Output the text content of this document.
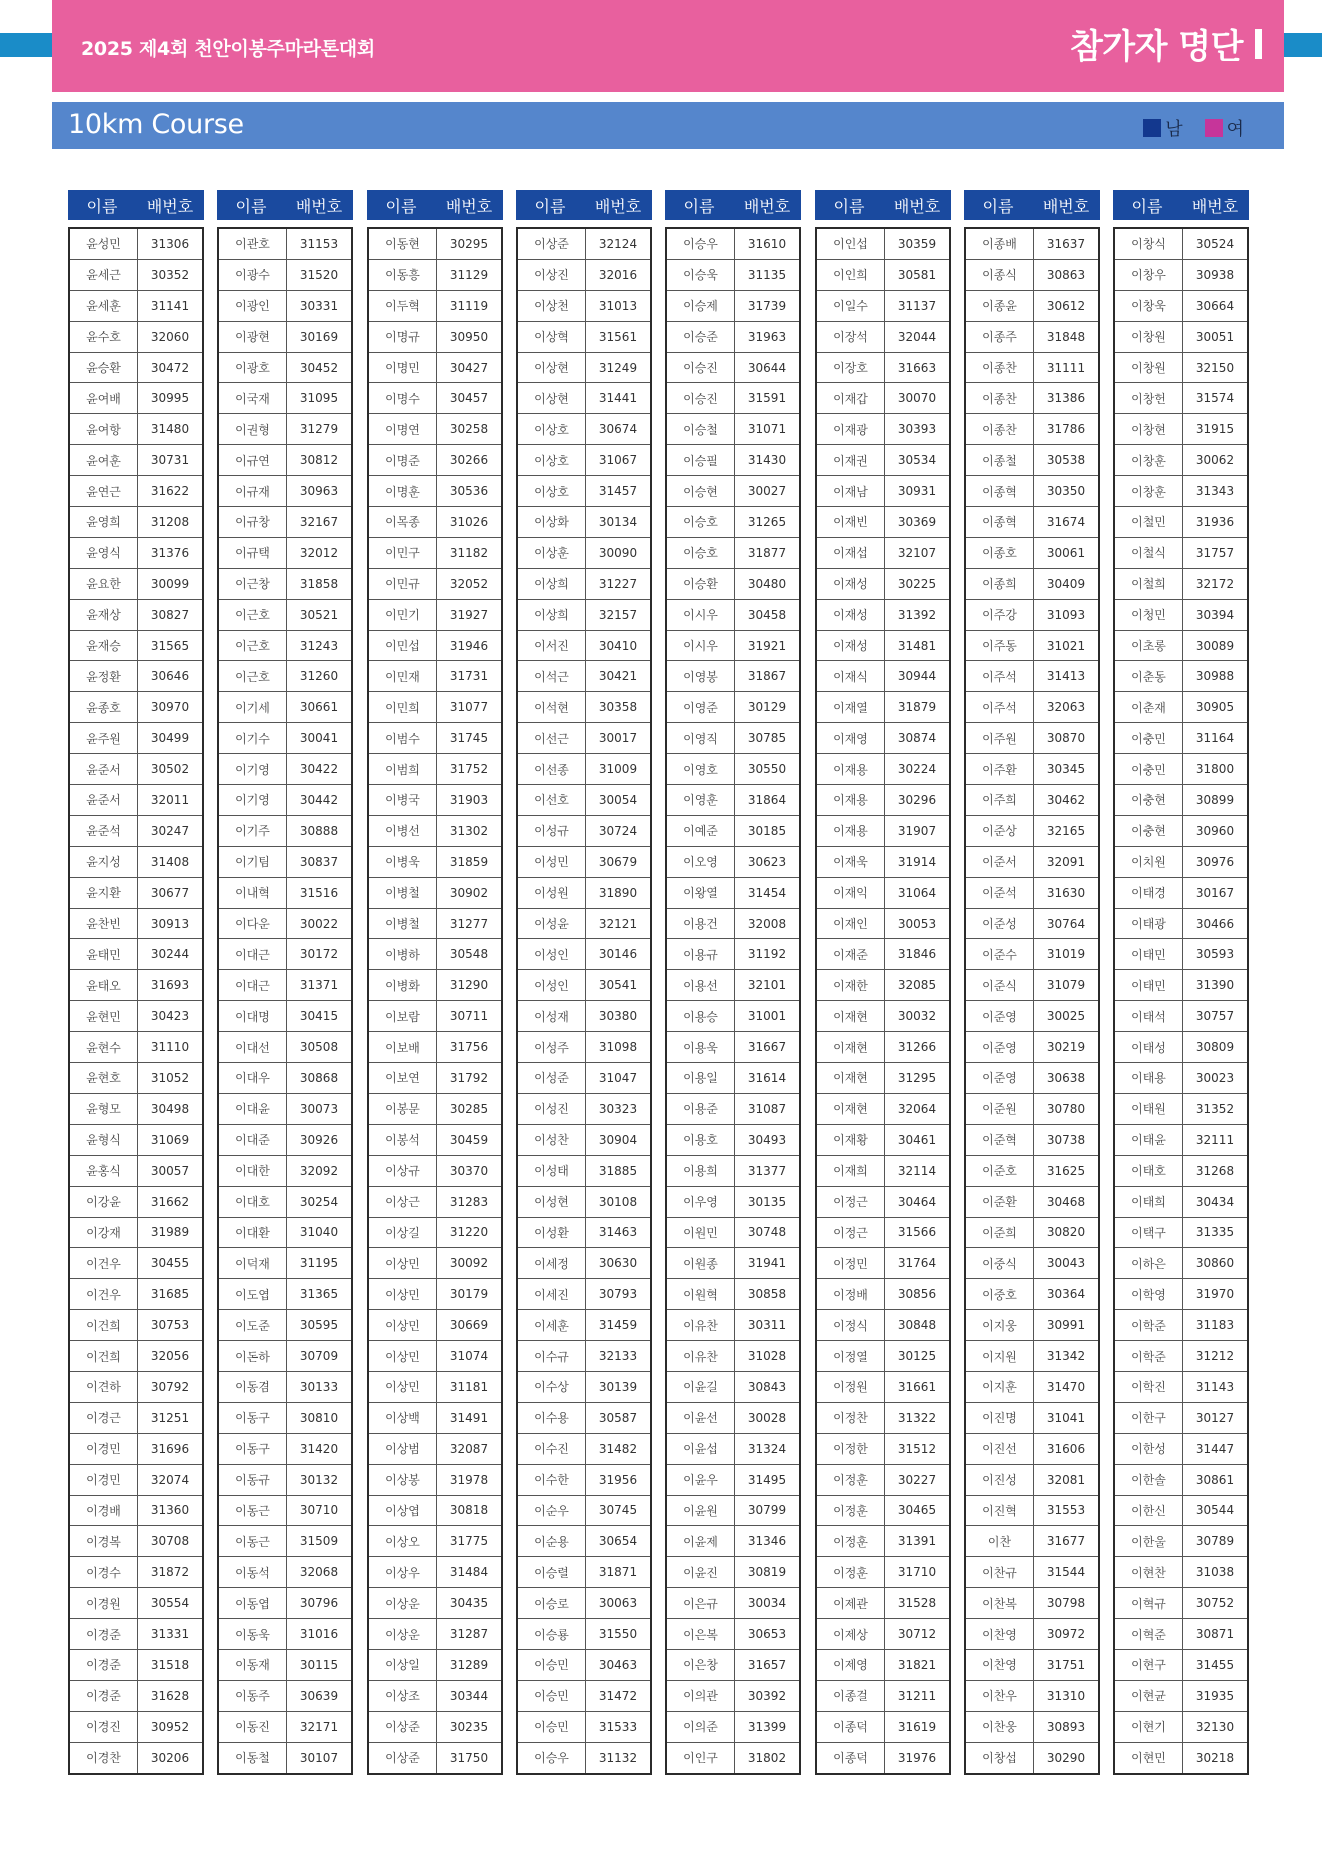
2025 제4회 천안이봉주마라톤대회	참가자 명단
10km Course	남 여
이름	배번호
윤성민	31306
윤세근	30352
윤세훈	31141
윤수호	32060
윤승환	30472
윤여배	30995
윤여항	31480
윤여훈	30731
윤연근	31622
윤영희	31208
윤영식	31376
윤요한	30099
윤재상	30827
윤재승	31565
윤정환	30646
윤종호	30970
윤주원	30499
윤준서	30502
윤준서	32011
윤준석	30247
윤지성	31408
윤지환	30677
윤찬빈	30913
윤태민	30244
윤태오	31693
윤현민	30423
윤현수	31110
윤현호	31052
윤형모	30498
윤형식	31069
윤홍식	30057
이강윤	31662
이강재	31989
이건우	30455
이건우	31685
이건희	30753
이건희	32056
이견하	30792
이경근	31251
이경민	31696
이경민	32074
이경배	31360
이경복	30708
이경수	31872
이경원	30554
이경준	31331
이경준	31518
이경준	31628
이경진	30952
이경찬	30206
이름	배번호
이관호	31153
이광수	31520
이광인	30331
이광현	30169
이광호	30452
이국재	31095
이권형	31279
이규연	30812
이규재	30963
이규창	32167
이규택	32012
이근창	31858
이근호	30521
이근호	31243
이근호	31260
이기세	30661
이기수	30041
이기영	30422
이기영	30442
이기주	30888
이기팀	30837
이내혁	31516
이다운	30022
이대근	30172
이대근	31371
이대명	30415
이대선	30508
이대우	30868
이대윤	30073
이대준	30926
이대한	32092
이대호	30254
이대환	31040
이덕재	31195
이도엽	31365
이도준	30595
이돈하	30709
이동겸	30133
이동구	30810
이동구	31420
이동규	30132
이동근	30710
이동근	31509
이동석	32068
이동엽	30796
이동욱	31016
이동재	30115
이동주	30639
이동진	32171
이동철	30107
이름	배번호
이동현	30295
이동흥	31129
이두혁	31119
이명규	30950
이명민	30427
이명수	30457
이명연	30258
이명준	30266
이명훈	30536
이목종	31026
이민구	31182
이민규	32052
이민기	31927
이민섭	31946
이민재	31731
이민희	31077
이범수	31745
이범희	31752
이병국	31903
이병선	31302
이병욱	31859
이병철	30902
이병철	31277
이병하	30548
이병화	31290
이보람	30711
이보배	31756
이보연	31792
이봉문	30285
이봉석	30459
이상규	30370
이상근	31283
이상길	31220
이상민	30092
이상민	30179
이상민	30669
이상민	31074
이상민	31181
이상백	31491
이상범	32087
이상봉	31978
이상엽	30818
이상오	31775
이상우	31484
이상운	30435
이상운	31287
이상일	31289
이상조	30344
이상준	30235
이상준	31750
이름	배번호
이상준	32124
이상진	32016
이상천	31013
이상혁	31561
이상현	31249
이상현	31441
이상호	30674
이상호	31067
이상호	31457
이상화	30134
이상훈	30090
이상희	31227
이상희	32157
이서진	30410
이석근	30421
이석현	30358
이선근	30017
이선종	31009
이선호	30054
이성규	30724
이성민	30679
이성원	31890
이성윤	32121
이성인	30146
이성인	30541
이성재	30380
이성주	31098
이성준	31047
이성진	30323
이성찬	30904
이성태	31885
이성현	30108
이성환	31463
이세정	30630
이세진	30793
이세훈	31459
이수규	32133
이수상	30139
이수용	30587
이수진	31482
이수한	31956
이순우	30745
이순용	30654
이승렬	31871
이승로	30063
이승룡	31550
이승민	30463
이승민	31472
이승민	31533
이승우	31132
이름	배번호
이승우	31610
이승욱	31135
이승제	31739
이승준	31963
이승진	30644
이승진	31591
이승철	31071
이승필	31430
이승현	30027
이승호	31265
이승호	31877
이승환	30480
이시우	30458
이시우	31921
이영봉	31867
이영준	30129
이영직	30785
이영호	30550
이영훈	31864
이예준	30185
이오영	30623
이왕열	31454
이용건	32008
이용규	31192
이용선	32101
이용승	31001
이용욱	31667
이용일	31614
이용준	31087
이용호	30493
이용희	31377
이우영	30135
이원민	30748
이원종	31941
이원혁	30858
이유찬	30311
이유찬	31028
이윤길	30843
이윤선	30028
이윤섭	31324
이윤우	31495
이윤원	30799
이윤제	31346
이윤진	30819
이은규	30034
이은복	30653
이은창	31657
이의관	30392
이의준	31399
이인구	31802
이름	배번호
이인섭	30359
이인희	30581
이일수	31137
이장석	32044
이장호	31663
이재갑	30070
이재광	30393
이재권	30534
이재남	30931
이재빈	30369
이재섭	32107
이재성	30225
이재성	31392
이재성	31481
이재식	30944
이재열	31879
이재영	30874
이재용	30224
이재용	30296
이재용	31907
이재욱	31914
이재익	31064
이재인	30053
이재준	31846
이재한	32085
이재현	30032
이재현	31266
이재현	31295
이재현	32064
이재황	30461
이재희	32114
이정근	30464
이정근	31566
이정민	31764
이정배	30856
이정식	30848
이정열	30125
이정원	31661
이정찬	31322
이정한	31512
이정훈	30227
이정훈	30465
이정훈	31391
이정훈	31710
이제관	31528
이제상	30712
이제영	31821
이종걸	31211
이종덕	31619
이종덕	31976
이름	배번호
이종배	31637
이종식	30863
이종윤	30612
이종주	31848
이종찬	31111
이종찬	31386
이종찬	31786
이종철	30538
이종혁	30350
이종혁	31674
이종호	30061
이종희	30409
이주강	31093
이주동	31021
이주석	31413
이주석	32063
이주원	30870
이주환	30345
이주희	30462
이준상	32165
이준서	32091
이준석	31630
이준성	30764
이준수	31019
이준식	31079
이준영	30025
이준영	30219
이준영	30638
이준원	30780
이준혁	30738
이준호	31625
이준환	30468
이준희	30820
이중식	30043
이중호	30364
이지웅	30991
이지원	31342
이지훈	31470
이진명	31041
이진선	31606
이진성	32081
이진혁	31553
이찬	31677
이찬규	31544
이찬복	30798
이찬영	30972
이찬영	31751
이찬우	31310
이찬웅	30893
이창섭	30290
이름	배번호
이창식	30524
이창우	30938
이창욱	30664
이창원	30051
이창원	32150
이창헌	31574
이창현	31915
이창훈	30062
이창훈	31343
이철민	31936
이철식	31757
이철희	32172
이청민	30394
이초롱	30089
이춘동	30988
이춘재	30905
이충민	31164
이충민	31800
이충현	30899
이충현	30960
이치원	30976
이태경	30167
이태광	30466
이태민	30593
이태민	31390
이태석	30757
이태성	30809
이태용	30023
이태원	31352
이태윤	32111
이태호	31268
이태희	30434
이택구	31335
이하은	30860
이학영	31970
이학준	31183
이학준	31212
이학진	31143
이한구	30127
이한성	31447
이한솔	30861
이한신	30544
이한울	30789
이현찬	31038
이혁규	30752
이혁준	30871
이현구	31455
이현균	31935
이현기	32130
이현민	30218
